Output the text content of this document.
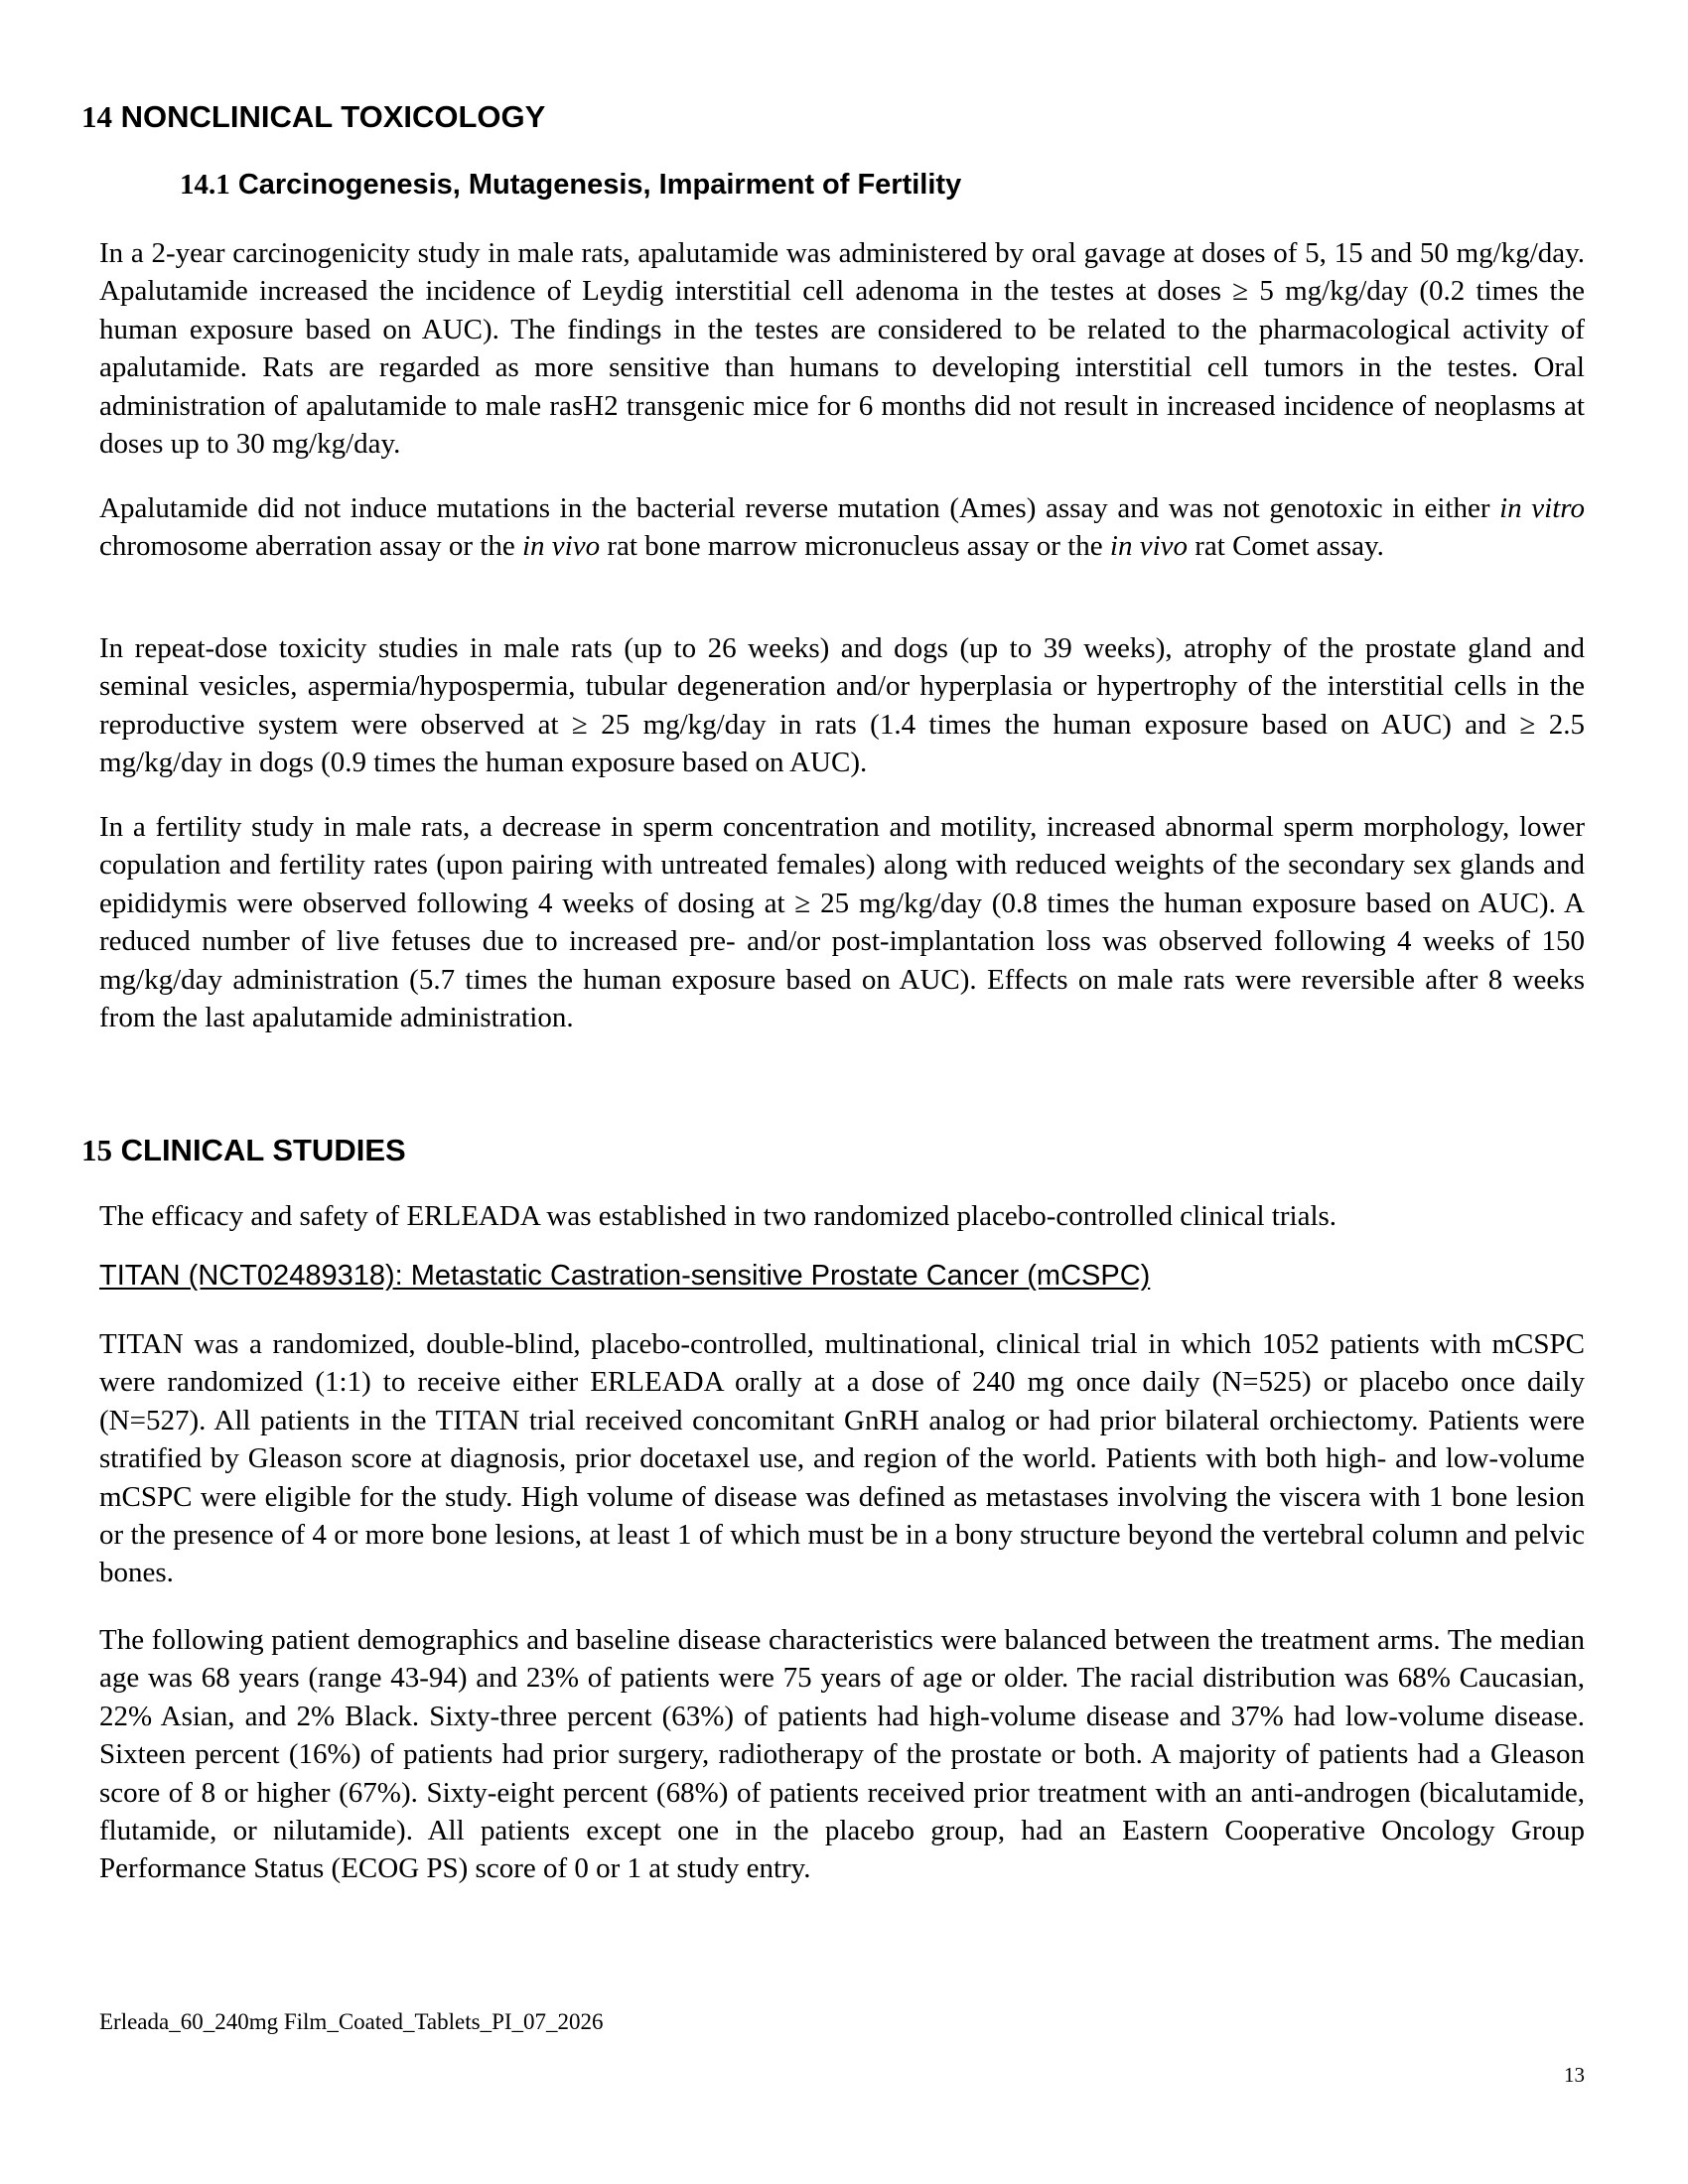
14 NONCLINICAL TOXICOLOGY
14.1 Carcinogenesis, Mutagenesis, Impairment of Fertility

In a 2-year carcinogenicity study in male rats, apalutamide was administered by oral gavage at doses of 5, 15 and 50 mg/kg/day. Apalutamide increased the incidence of Leydig interstitial cell adenoma in the testes at doses ≥ 5 mg/kg/day (0.2 times the human exposure based on AUC). The findings in the testes are considered to be related to the pharmacological activity of apalutamide. Rats are regarded as more sensitive than humans to developing interstitial cell tumors in the testes. Oral administration of apalutamide to male rasH2 transgenic mice for 6 months did not result in increased incidence of neoplasms at doses up to 30 mg/kg/day.

Apalutamide did not induce mutations in the bacterial reverse mutation (Ames) assay and was not genotoxic in either in vitro chromosome aberration assay or the in vivo rat bone marrow micronucleus assay or the in vivo rat Comet assay.

In repeat-dose toxicity studies in male rats (up to 26 weeks) and dogs (up to 39 weeks), atrophy of the prostate gland and seminal vesicles, aspermia/hypospermia, tubular degeneration and/or hyperplasia or hypertrophy of the interstitial cells in the reproductive system were observed at ≥ 25 mg/kg/day in rats (1.4 times the human exposure based on AUC) and ≥ 2.5 mg/kg/day in dogs (0.9 times the human exposure based on AUC).

In a fertility study in male rats, a decrease in sperm concentration and motility, increased abnormal sperm morphology, lower copulation and fertility rates (upon pairing with untreated females) along with reduced weights of the secondary sex glands and epididymis were observed following 4 weeks of dosing at ≥ 25 mg/kg/day (0.8 times the human exposure based on AUC). A reduced number of live fetuses due to increased pre- and/or post-implantation loss was observed following 4 weeks of 150 mg/kg/day administration (5.7 times the human exposure based on AUC). Effects on male rats were reversible after 8 weeks from the last apalutamide administration.

15 CLINICAL STUDIES

The efficacy and safety of ERLEADA was established in two randomized placebo-controlled clinical trials.

TITAN (NCT02489318): Metastatic Castration-sensitive Prostate Cancer (mCSPC)

TITAN was a randomized, double-blind, placebo-controlled, multinational, clinical trial in which 1052 patients with mCSPC were randomized (1:1) to receive either ERLEADA orally at a dose of 240 mg once daily (N=525) or placebo once daily (N=527). All patients in the TITAN trial received concomitant GnRH analog or had prior bilateral orchiectomy. Patients were stratified by Gleason score at diagnosis, prior docetaxel use, and region of the world. Patients with both high- and low-volume mCSPC were eligible for the study. High volume of disease was defined as metastases involving the viscera with 1 bone lesion or the presence of 4 or more bone lesions, at least 1 of which must be in a bony structure beyond the vertebral column and pelvic bones.

The following patient demographics and baseline disease characteristics were balanced between the treatment arms. The median age was 68 years (range 43-94) and 23% of patients were 75 years of age or older. The racial distribution was 68% Caucasian, 22% Asian, and 2% Black. Sixty-three percent (63%) of patients had high-volume disease and 37% had low-volume disease. Sixteen percent (16%) of patients had prior surgery, radiotherapy of the prostate or both. A majority of patients had a Gleason score of 8 or higher (67%). Sixty-eight percent (68%) of patients received prior treatment with an anti-androgen (bicalutamide, flutamide, or nilutamide). All patients except one in the placebo group, had an Eastern Cooperative Oncology Group Performance Status (ECOG PS) score of 0 or 1 at study entry.

Erleada_60_240mg Film_Coated_Tablets_PI_07_2026
13
